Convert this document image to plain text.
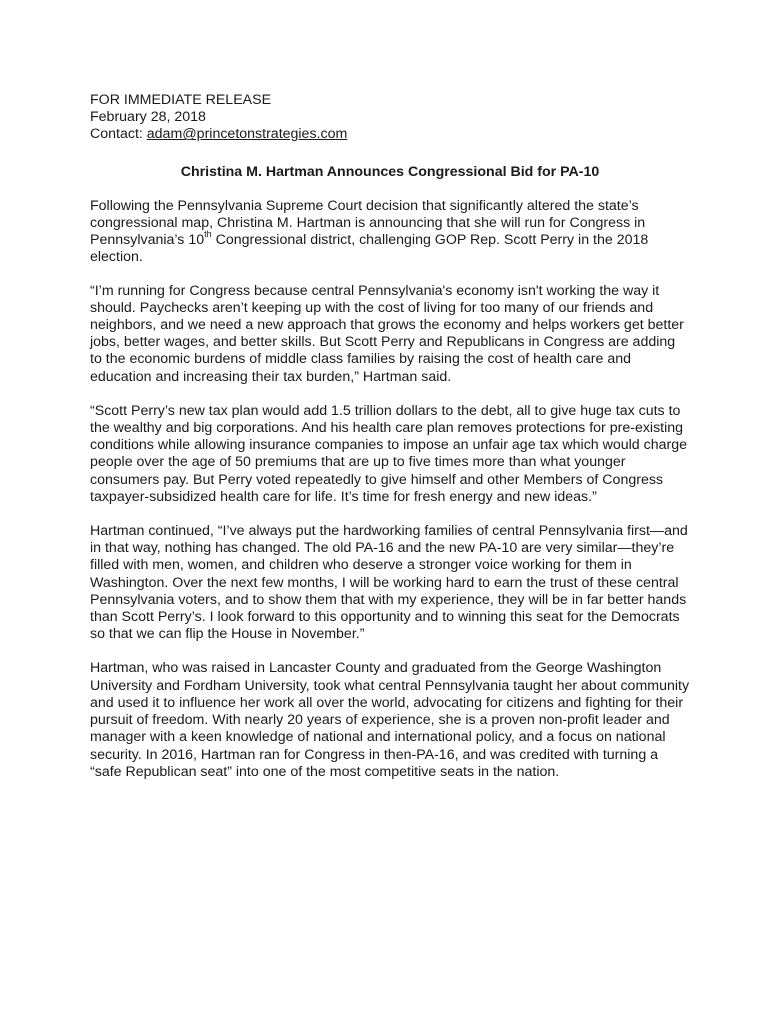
FOR IMMEDIATE RELEASE

February 28, 2018

Contact: adam@princetonstrategies.com

Christina M. Hartman Announces Congressional Bid for PA-10

Following the Pennsylvania Supreme Court decision that significantly altered the state’s congressional map, Christina M. Hartman is announcing that she will run for Congress in Pennsylvania’s 10th Congressional district, challenging GOP Rep. Scott Perry in the 2018 election.

“I’m running for Congress because central Pennsylvania's economy isn't working the way it should. Paychecks aren’t keeping up with the cost of living for too many of our friends and neighbors, and we need a new approach that grows the economy and helps workers get better jobs, better wages, and better skills. But Scott Perry and Republicans in Congress are adding to the economic burdens of middle class families by raising the cost of health care and education and increasing their tax burden,” Hartman said.

“Scott Perry’s new tax plan would add 1.5 trillion dollars to the debt, all to give huge tax cuts to the wealthy and big corporations. And his health care plan removes protections for pre-existing conditions while allowing insurance companies to impose an unfair age tax which would charge people over the age of 50 premiums that are up to five times more than what younger consumers pay. But Perry voted repeatedly to give himself and other Members of Congress taxpayer-subsidized health care for life. It’s time for fresh energy and new ideas.”

Hartman continued, “I’ve always put the hardworking families of central Pennsylvania first—and in that way, nothing has changed. The old PA-16 and the new PA-10 are very similar—they’re filled with men, women, and children who deserve a stronger voice working for them in Washington. Over the next few months, I will be working hard to earn the trust of these central Pennsylvania voters, and to show them that with my experience, they will be in far better hands than Scott Perry’s. I look forward to this opportunity and to winning this seat for the Democrats so that we can flip the House in November.”

Hartman, who was raised in Lancaster County and graduated from the George Washington University and Fordham University, took what central Pennsylvania taught her about community and used it to influence her work all over the world, advocating for citizens and fighting for their pursuit of freedom. With nearly 20 years of experience, she is a proven non-profit leader and manager with a keen knowledge of national and international policy, and a focus on national security. In 2016, Hartman ran for Congress in then-PA-16, and was credited with turning a “safe Republican seat” into one of the most competitive seats in the nation.
